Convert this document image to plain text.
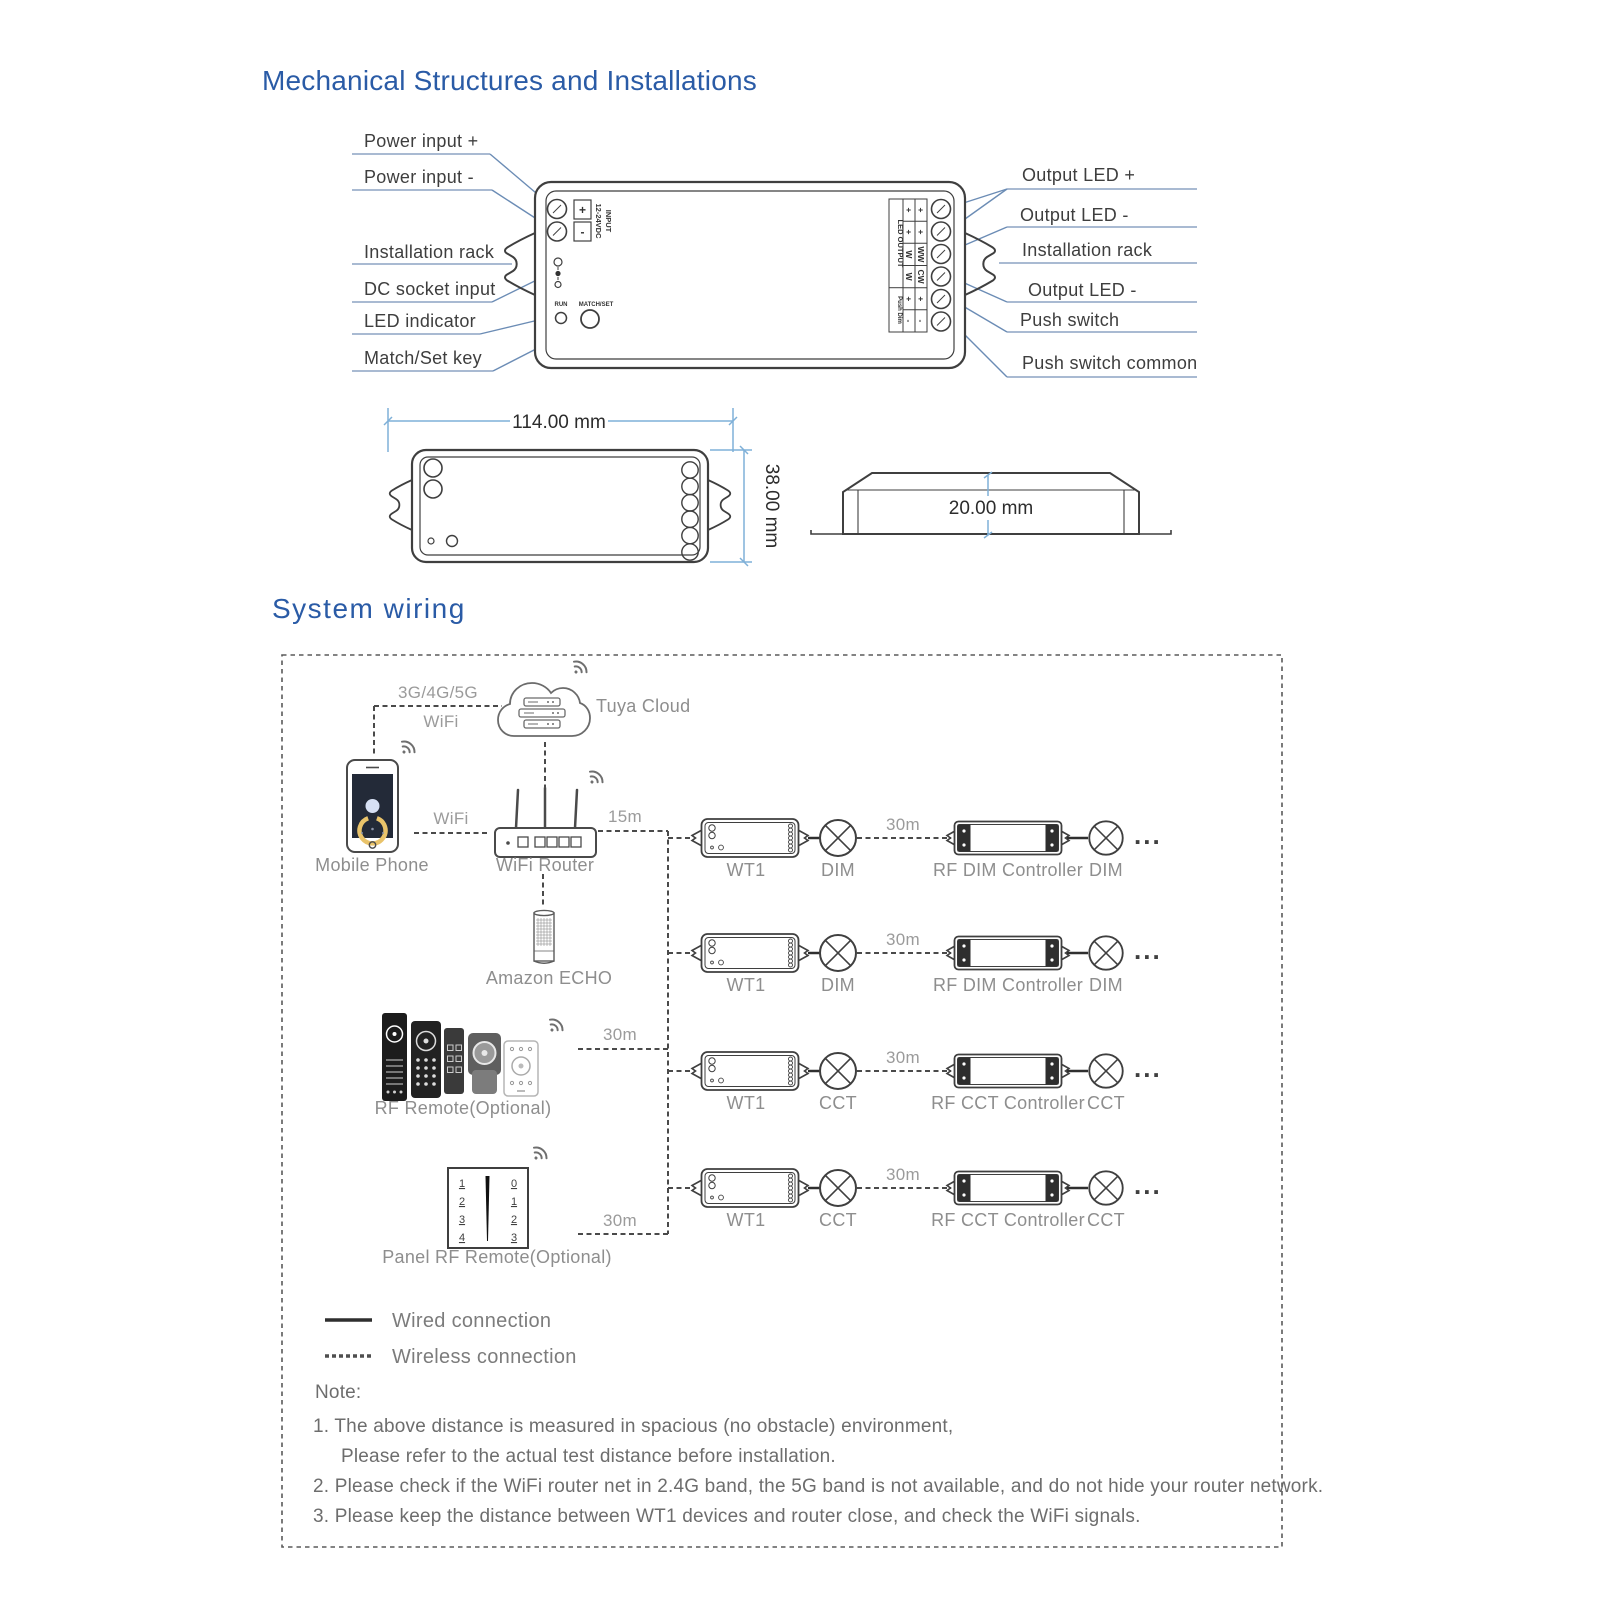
Mechanical Structures and Installations
Power input +
Power input -
Installation rack
DC socket input
LED indicator
Match/Set key
Output LED +
Output LED -
Installation rack
Output LED -
Push switch
Push switch common
+
-	INPUT
12-24VDC
RUN MATCH/SET
LED OUTPUT
Push Dim
+ +
+ +
W WW
W CW
+ +
- -
114.00 mm
38.00 mm	20.00 mm
System wiring
Tuya Cloud
3G/4G/5G
WiFi
Mobile Phone
WiFi
WiFi Router
15m
Amazon ECHO
RF Remote(Optional)
30m
1
2
3
4
0
1
2
3
Panel RF Remote(Optional)
30m
WT1	DIM
30m
RF DIM Controller DIM
...
WT1	DIM
30m
RF DIM Controller DIM
...
WT1	CCT
30m
RF CCT Controller CCT
...
WT1	CCT
30m
RF CCT Controller CCT
...
Wired connection
Wireless connection
Note:
1. The above distance is measured in spacious (no obstacle) environment,
Please refer to the actual test distance before installation.
2. Please check if the WiFi router net in 2.4G band, the 5G band is not available, and do not hide your router network.
3. Please keep the distance between WT1 devices and router close, and check the WiFi signals.
